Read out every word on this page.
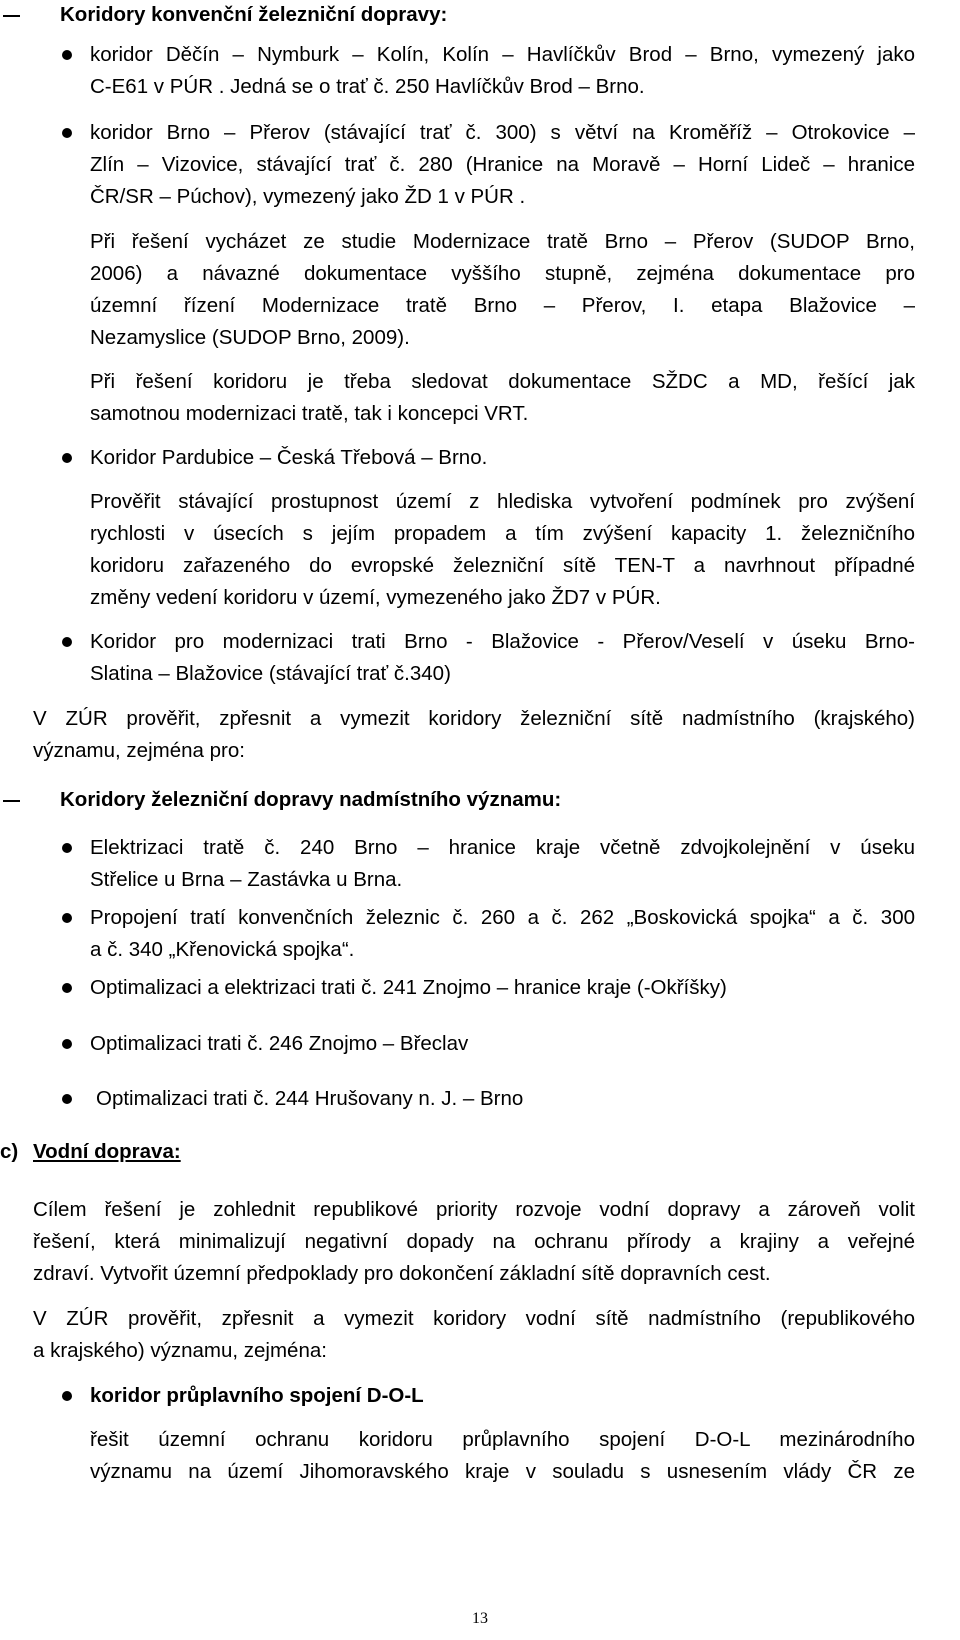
Koridory konvenční železniční dopravy:
koridor Děčín – Nymburk – Kolín, Kolín – Havlíčkův Brod – Brno, vymezený jako
C-E61 v PÚR . Jedná se o trať č. 250 Havlíčkův Brod – Brno.
koridor Brno – Přerov (stávající trať č. 300) s větví na Kroměříž – Otrokovice –
Zlín – Vizovice, stávající trať č. 280 (Hranice na Moravě – Horní Lideč – hranice
ČR/SR – Púchov), vymezený jako ŽD 1 v PÚR .
Při řešení vycházet ze studie Modernizace tratě Brno – Přerov (SUDOP Brno,
2006) a návazné dokumentace vyššího stupně, zejména dokumentace pro
územní řízení Modernizace tratě Brno – Přerov, I. etapa Blažovice –
Nezamyslice (SUDOP Brno, 2009).
Při řešení koridoru je třeba sledovat dokumentace SŽDC a MD, řešící jak
samotnou modernizaci tratě, tak i koncepci VRT.
Koridor Pardubice – Česká Třebová – Brno.
Prověřit stávající prostupnost území z hlediska vytvoření podmínek pro zvýšení
rychlosti v úsecích s jejím propadem a tím zvýšení kapacity 1. železničního
koridoru zařazeného do evropské železniční sítě TEN-T a navrhnout případné
změny vedení koridoru v území, vymezeného jako ŽD7 v PÚR.
Koridor pro modernizaci trati Brno - Blažovice - Přerov/Veselí v úseku Brno-
Slatina – Blažovice (stávající trať č.340)
V ZÚR prověřit, zpřesnit a vymezit koridory železniční sítě nadmístního (krajského)
významu, zejména pro:
Koridory železniční dopravy nadmístního významu:
Elektrizaci tratě č. 240 Brno – hranice kraje včetně zdvojkolejnění v úseku
Střelice u Brna – Zastávka u Brna.
Propojení tratí konvenčních železnic č. 260 a č. 262 „Boskovická spojka“ a č. 300
a č. 340 „Křenovická spojka“.
Optimalizaci a elektrizaci trati č. 241 Znojmo – hranice kraje (-Okříšky)
Optimalizaci trati č. 246 Znojmo – Břeclav
Optimalizaci trati č. 244 Hrušovany n. J. – Brno
c) Vodní doprava:
Cílem řešení je zohlednit republikové priority rozvoje vodní dopravy a zároveň volit
řešení, která minimalizují negativní dopady na ochranu přírody a krajiny a veřejné
zdraví. Vytvořit územní předpoklady pro dokončení základní sítě dopravních cest.
V ZÚR prověřit, zpřesnit a vymezit koridory vodní sítě nadmístního (republikového
a krajského) významu, zejména:
koridor průplavního spojení D-O-L
řešit územní ochranu koridoru průplavního spojení D-O-L mezinárodního
významu na území Jihomoravského kraje v souladu s usnesením vlády ČR ze
13
